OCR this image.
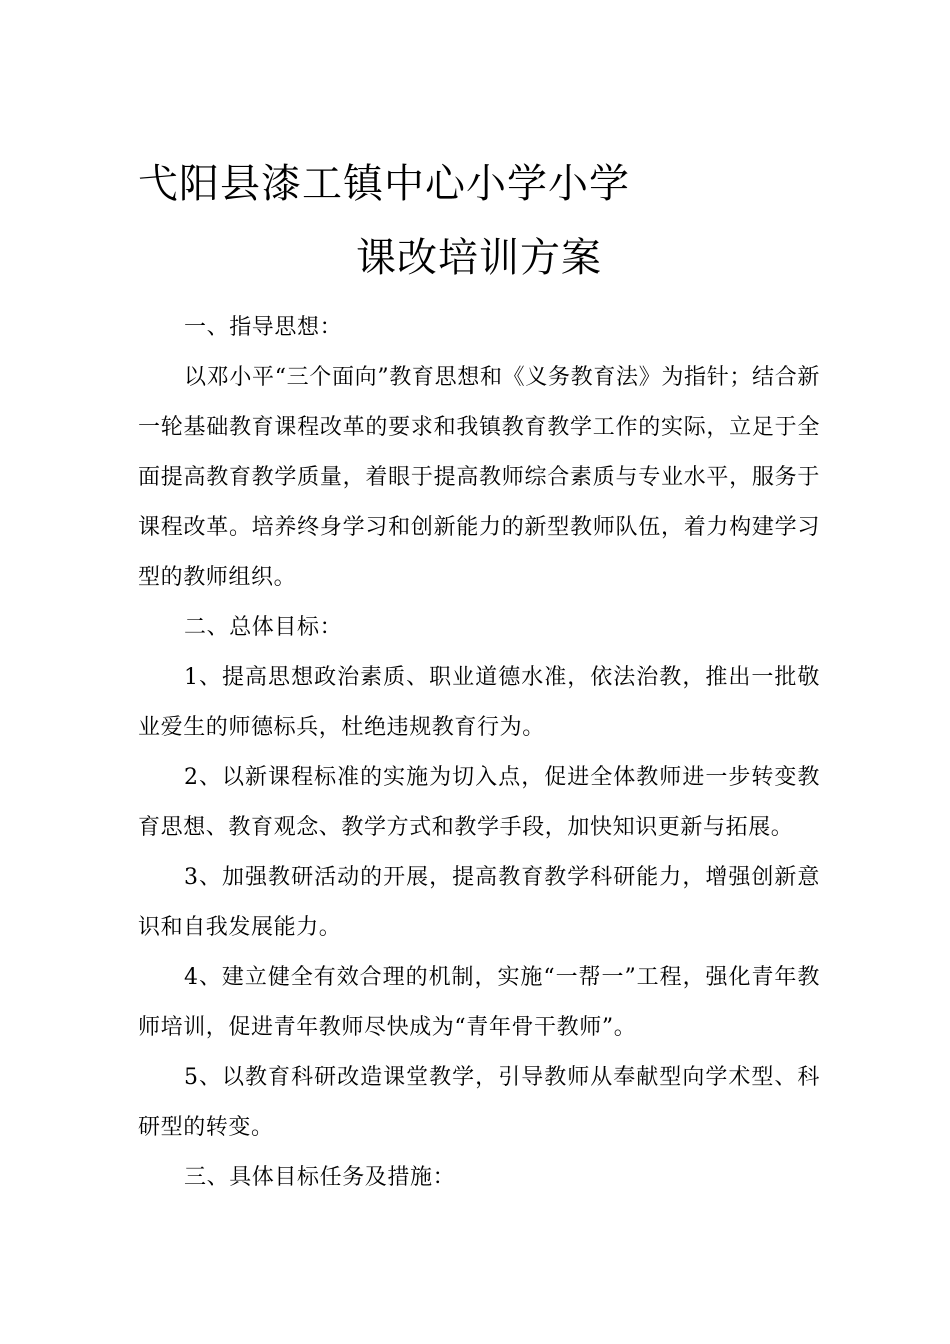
弋阳县漆工镇中心小学小学
课改培训方案

一、指导思想：

以邓小平“三个面向”教育思想和《义务教育法》为指针；结合新一轮基础教育课程改革的要求和我镇教育教学工作的实际，立足于全面提高教育教学质量，着眼于提高教师综合素质与专业水平，服务于课程改革。培养终身学习和创新能力的新型教师队伍，着力构建学习型的教师组织。

二、总体目标：

1、提高思想政治素质、职业道德水准，依法治教，推出一批敬业爱生的师德标兵，杜绝违规教育行为。

2、以新课程标准的实施为切入点，促进全体教师进一步转变教育思想、教育观念、教学方式和教学手段，加快知识更新与拓展。

3、加强教研活动的开展，提高教育教学科研能力，增强创新意识和自我发展能力。

4、建立健全有效合理的机制，实施“一帮一”工程，强化青年教师培训，促进青年教师尽快成为“青年骨干教师”。

5、以教育科研改造课堂教学，引导教师从奉献型向学术型、科研型的转变。

三、具体目标任务及措施：
